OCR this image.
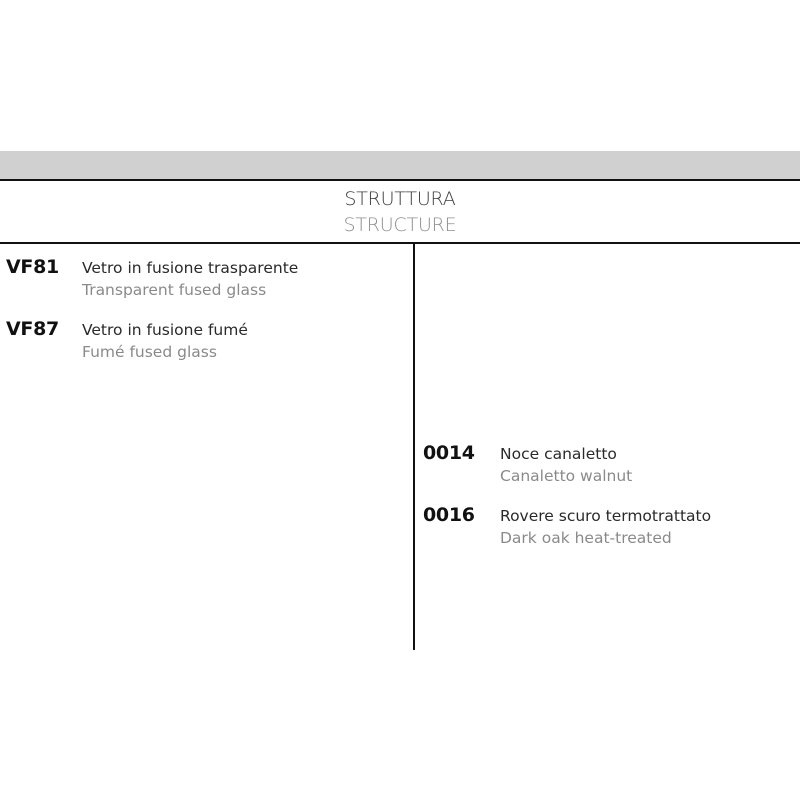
STRUTTURA
STRUCTURE
VF81 Vetro in fusione trasparente
Transparent fused glass
VF87 Vetro in fusione fumé
Fumé fused glass
0014 Noce canaletto
Canaletto walnut
0016 Rovere scuro termotrattato
Dark oak heat-treated
